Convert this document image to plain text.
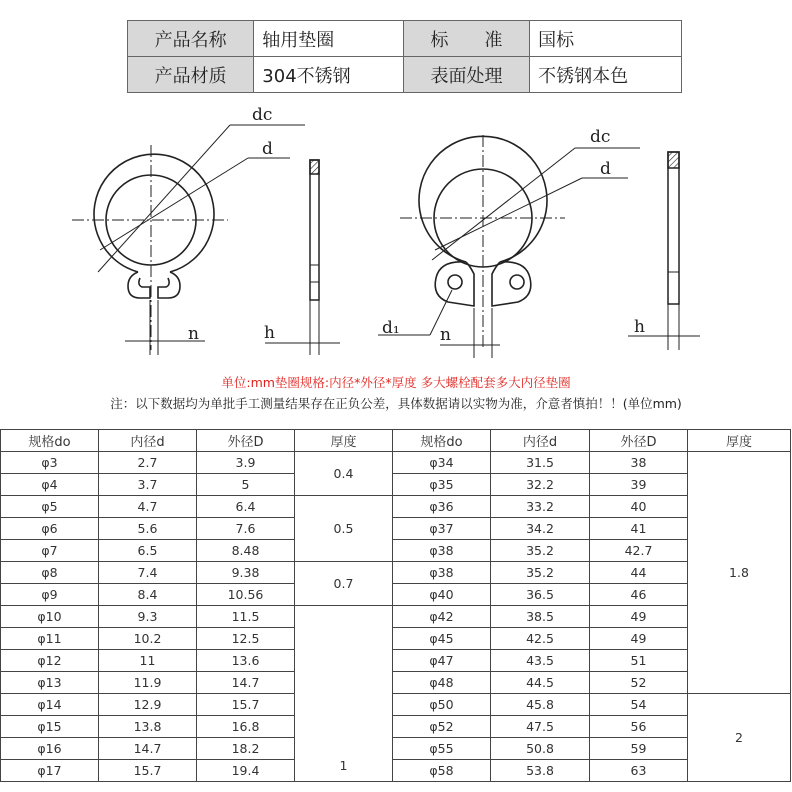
产品名称	轴用垫圈	标　　准	国标
产品材质	304不锈钢	表面处理	不锈钢本色
dc
d
n	h
dc
d
d₁ n	h
单位:mm垫圈规格:内径*外径*厚度 多大螺栓配套多大内径垫圈
注：以下数据均为单批手工测量结果存在正负公差，具体数据请以实物为准，介意者慎拍！！(单位mm)
规格do	内径d	外径D	厚度	规格do	内径d	外径D	厚度
φ3	2.7	3.9	0.4	φ34	31.5	38	1.8
φ4	3.7	5		φ35	32.2	39	
φ5	4.7	6.4	0.5	φ36	33.2	40	
φ6	5.6	7.6		φ37	34.2	41	
φ7	6.5	8.48		φ38	35.2	42.7	
φ8	7.4	9.38	0.7	φ38	35.2	44	
φ9	8.4	10.56		φ40	36.5	46	
φ10	9.3	11.5	1	φ42	38.5	49	
φ11	10.2	12.5		φ45	42.5	49	
φ12	11	13.6		φ47	43.5	51	
φ13	11.9	14.7		φ48	44.5	52	
φ14	12.9	15.7		φ50	45.8	54	2
φ15	13.8	16.8		φ52	47.5	56	
φ16	14.7	18.2		φ55	50.8	59	
φ17	15.7	19.4		φ58	53.8	63	
